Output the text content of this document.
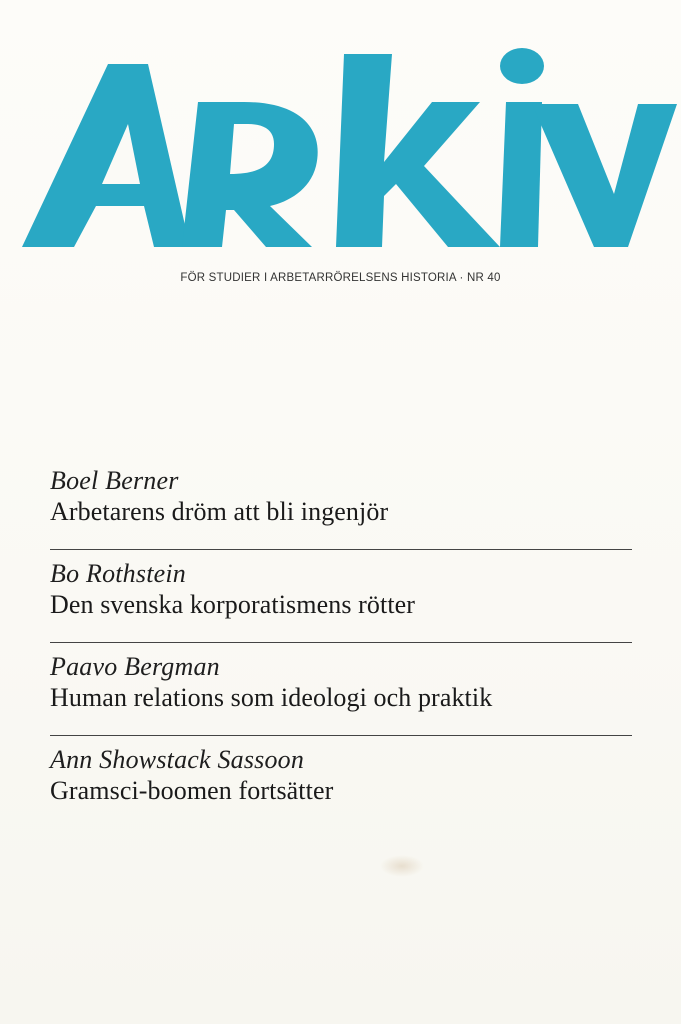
FÖR STUDIER I ARBETARRÖRELSENS HISTORIA · NR 40
Boel Berner
Arbetarens dröm att bli ingenjör
Bo Rothstein
Den svenska korporatismens rötter
Paavo Bergman
Human relations som ideologi och praktik
Ann Showstack Sassoon
Gramsci-boomen fortsätter
